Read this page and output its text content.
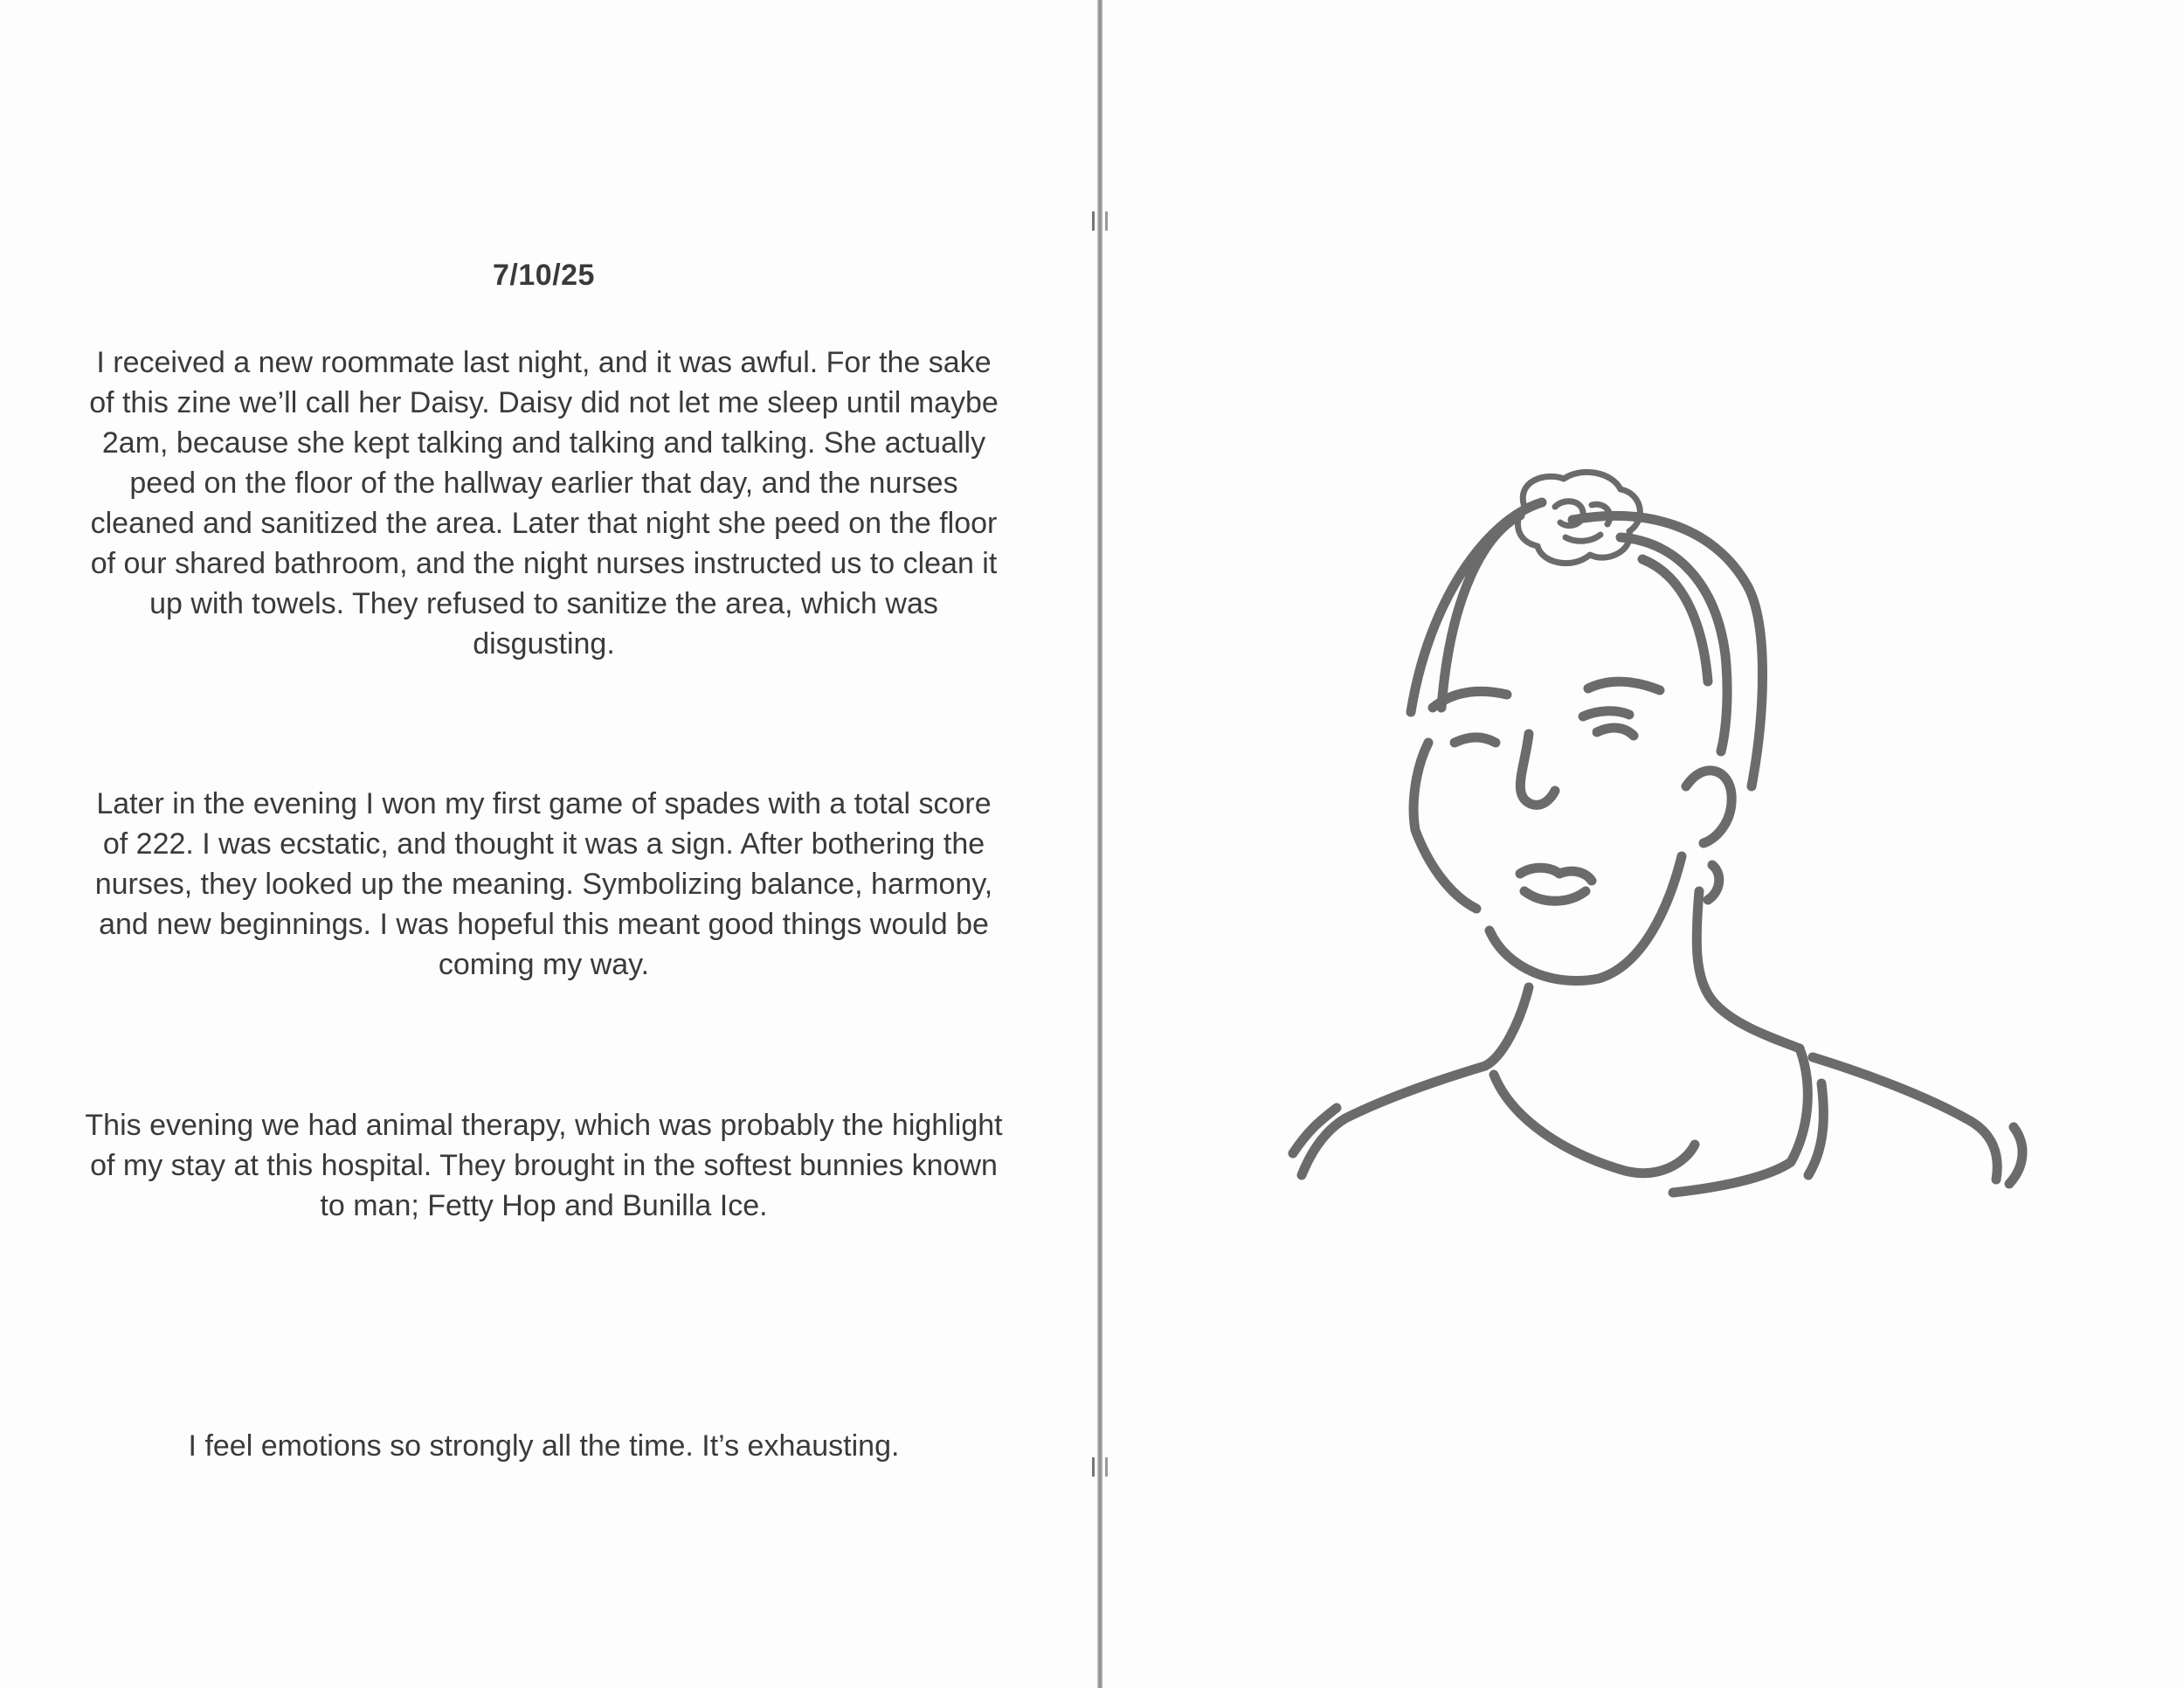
7/10/25

I received a new roommate last night, and it was awful. For the sake of this zine we’ll call her Daisy. Daisy did not let me sleep until maybe 2am, because she kept talking and talking and talking. She actually peed on the floor of the hallway earlier that day, and the nurses cleaned and sanitized the area. Later that night she peed on the floor of our shared bathroom, and the night nurses instructed us to clean it up with towels. They refused to sanitize the area, which was disgusting.

Later in the evening I won my first game of spades with a total score of 222. I was ecstatic, and thought it was a sign. After bothering the nurses, they looked up the meaning. Symbolizing balance, harmony, and new beginnings. I was hopeful this meant good things would be coming my way.

This evening we had animal therapy, which was probably the highlight of my stay at this hospital. They brought in the softest bunnies known to man; Fetty Hop and Bunilla Ice.

I feel emotions so strongly all the time. It’s exhausting.
